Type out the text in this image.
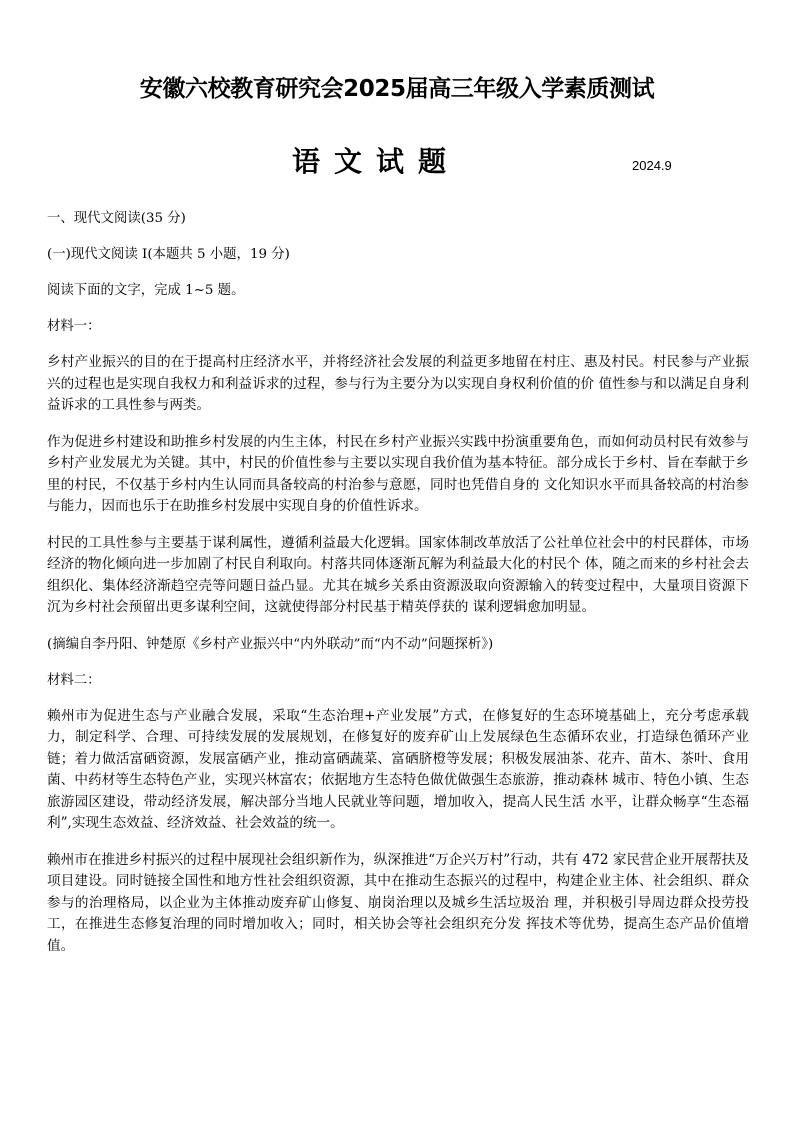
安徽六校教育研究会2025届高三年级入学素质测试
语文试题	2024.9

一、现代文阅读(35 分)

(一)现代文阅读 I(本题共 5 小题，19 分)

阅读下面的文字，完成 1~5 题。

材料一：

乡村产业振兴的目的在于提高村庄经济水平，并将经济社会发展的利益更多地留在村庄、惠及村民。村民参与产业振兴的过程也是实现自我权力和利益诉求的过程，参与行为主要分为以实现自身权利价值的价 值性参与和以满足自身利益诉求的工具性参与两类。

作为促进乡村建设和助推乡村发展的内生主体，村民在乡村产业振兴实践中扮演重要角色，而如何动员村民有效参与乡村产业发展尤为关键。其中，村民的价值性参与主要以实现自我价值为基本特征。部分成长于乡村、旨在奉献于乡里的村民，不仅基于乡村内生认同而具备较高的村治参与意愿，同时也凭借自身的 文化知识水平而具备较高的村治参与能力，因而也乐于在助推乡村发展中实现自身的价值性诉求。

村民的工具性参与主要基于谋利属性，遵循利益最大化逻辑。国家体制改革放活了公社单位社会中的村民群体，市场经济的物化倾向进一步加剧了村民自利取向。村落共同体逐渐瓦解为利益最大化的村民个 体，随之而来的乡村社会去组织化、集体经济渐趋空壳等问题日益凸显。尤其在城乡关系由资源汲取向资源输入的转变过程中，大量项目资源下沉为乡村社会预留出更多谋利空间，这就使得部分村民基于精英俘获的 谋利逻辑愈加明显。

(摘编自李丹阳、钟楚原《乡村产业振兴中“内外联动”而“内不动”问题探析》)

材料二：

赖州市为促进生态与产业融合发展，采取“生态治理+产业发展”方式，在修复好的生态环境基础上，充分考虑承载力，制定科学、合理、可持续发展的发展规划，在修复好的废弃矿山上发展绿色生态循环农业，打造绿色循环产业链；着力做活富硒资源，发展富硒产业，推动富硒蔬菜、富硒脐橙等发展；积极发展油茶、花卉、苗木、茶叶、食用菌、中药材等生态特色产业，实现兴林富农；依据地方生态特色做优做强生态旅游，推动森林 城市、特色小镇、生态旅游园区建设，带动经济发展，解决部分当地人民就业等问题，增加收入，提高人民生活 水平，让群众畅享“生态福利”,实现生态效益、经济效益、社会效益的统一。

赖州市在推进乡村振兴的过程中展现社会组织新作为，纵深推进“万企兴万村”行动，共有 472 家民营企业开展帮扶及项目建设。同时链接全国性和地方性社会组织资源，其中在推动生态振兴的过程中，构建企业主体、社会组织、群众参与的治理格局，以企业为主体推动废弃矿山修复、崩岗治理以及城乡生活垃圾治 理，并积极引导周边群众投劳投工，在推进生态修复治理的同时增加收入；同时，相关协会等社会组织充分发 挥技术等优势，提高生态产品价值增值。
